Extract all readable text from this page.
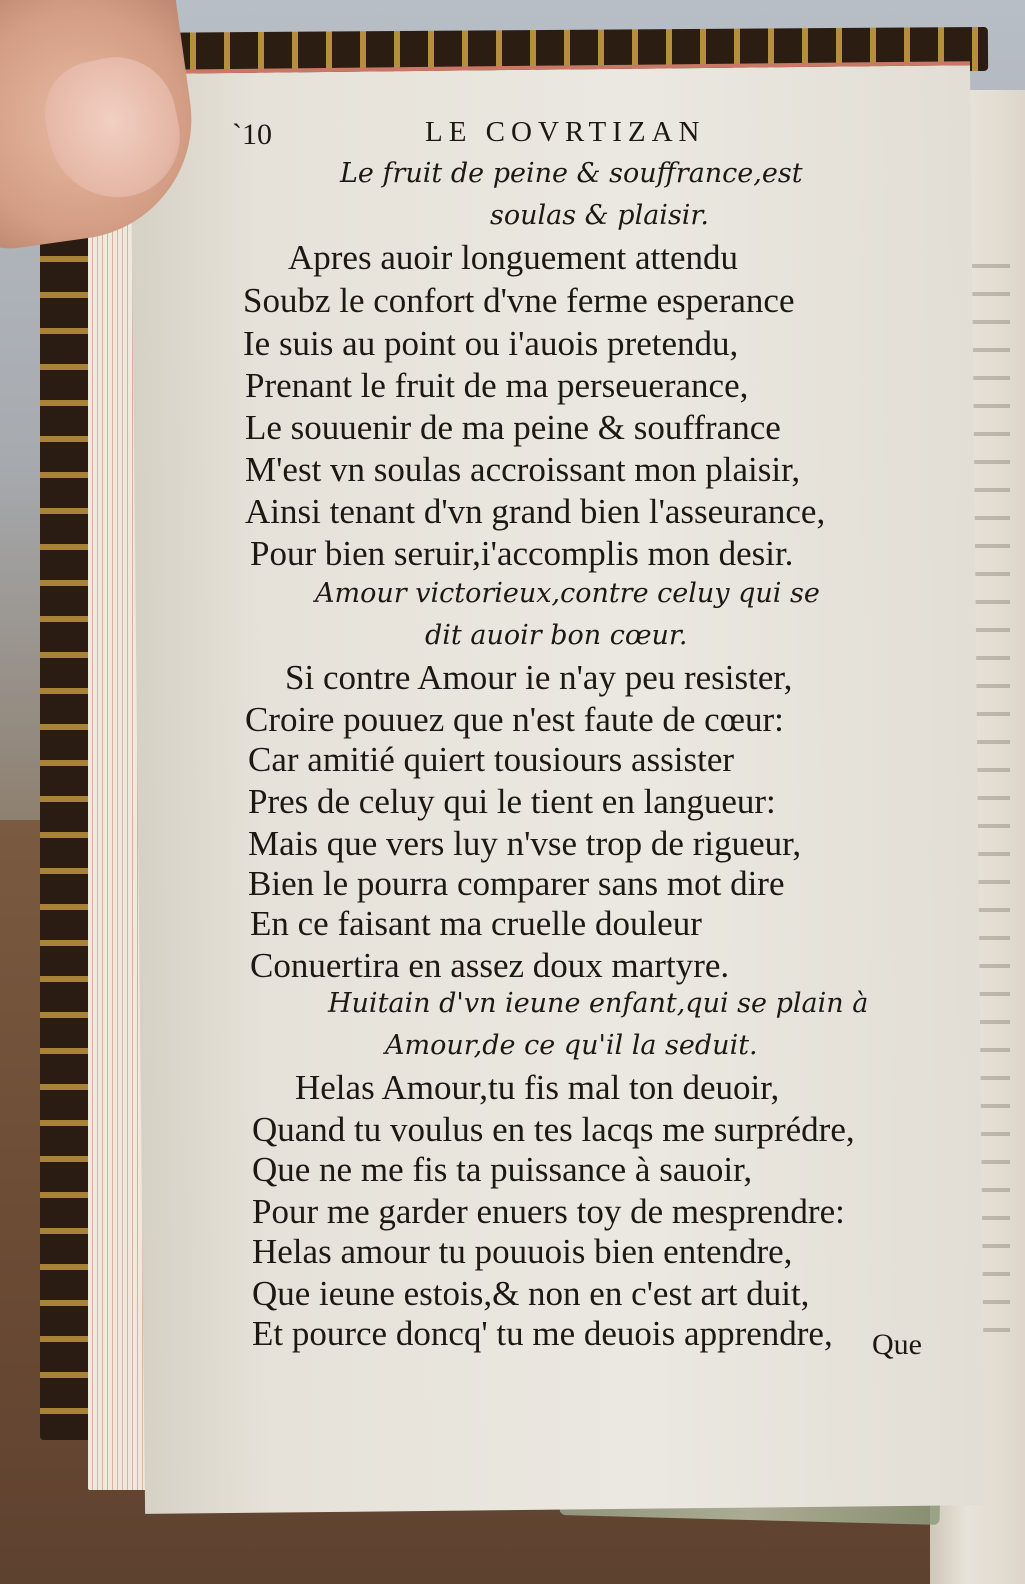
`10	LE COVRTIZAN
Le fruit de peine & souffrance,est
soulas & plaisir.
Apres auoir longuement attendu
Soubz le confort d'vne ferme esperance
Ie suis au point ou i'auois pretendu,
Prenant le fruit de ma perseuerance,
Le souuenir de ma peine & souffrance
M'est vn soulas accroissant mon plaisir,
Ainsi tenant d'vn grand bien l'asseurance,
Pour bien seruir,i'accomplis mon desir.
Amour victorieux,contre celuy qui se
dit auoir bon cœur.
Si contre Amour ie n'ay peu resister,
Croire pouuez que n'est faute de cœur:
Car amitié quiert tousiours assister
Pres de celuy qui le tient en langueur:
Mais que vers luy n'vse trop de rigueur,
Bien le pourra comparer sans mot dire
En ce faisant ma cruelle douleur
Conuertira en assez doux martyre.
Huitain d'vn ieune enfant,qui se plain à
Amour,de ce qu'il la seduit.
Helas Amour,tu fis mal ton deuoir,
Quand tu voulus en tes lacqs me surprédre,
Que ne me fis ta puissance à sauoir,
Pour me garder enuers toy de mesprendre:
Helas amour tu pouuois bien entendre,
Que ieune estois,& non en c'est art duit,
Et pource doncq' tu me deuois apprendre, Que
